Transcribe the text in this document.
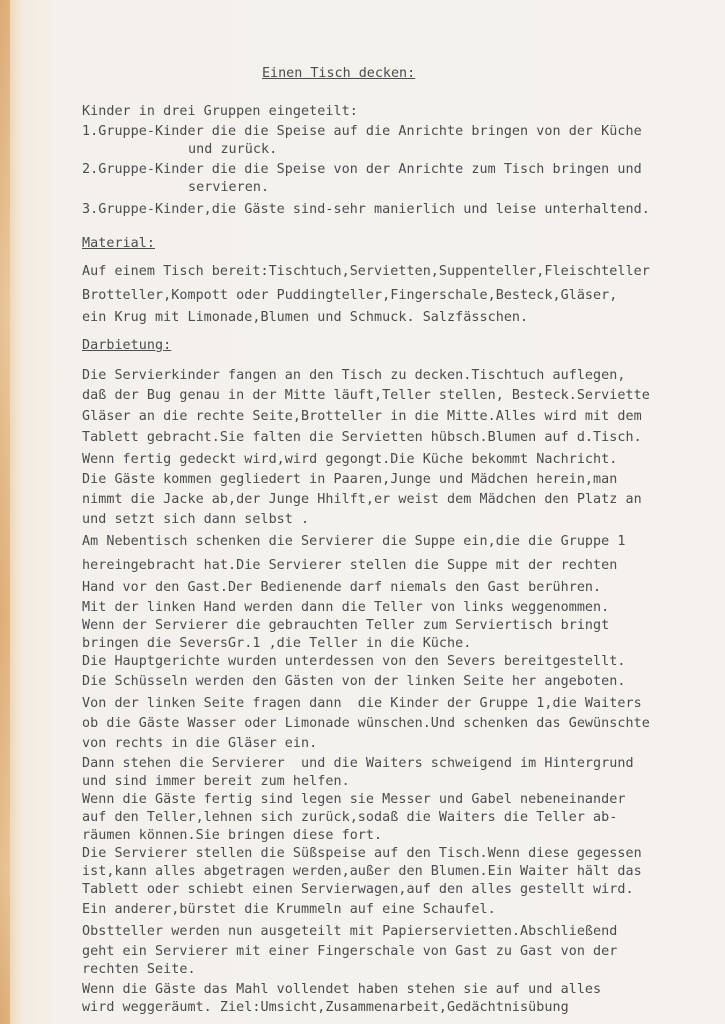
Einen Tisch decken:

Kinder in drei Gruppen eingeteilt:

1.Gruppe-Kinder die die Speise auf die Anrichte bringen von der Küche

und zurück.

2.Gruppe-Kinder die die Speise von der Anrichte zum Tisch bringen und

servieren.

3.Gruppe-Kinder,die Gäste sind-sehr manierlich und leise unterhaltend.

Material:

Auf einem Tisch bereit:Tischtuch,Servietten,Suppenteller,Fleischteller

Brotteller,Kompott oder Puddingteller,Fingerschale,Besteck,Gläser,

ein Krug mit Limonade,Blumen und Schmuck. Salzfässchen.

Darbietung:

Die Servierkinder fangen an den Tisch zu decken.Tischtuch auflegen,

daß der Bug genau in der Mitte läuft,Teller stellen, Besteck.Serviette

Gläser an die rechte Seite,Brotteller in die Mitte.Alles wird mit dem

Tablett gebracht.Sie falten die Servietten hübsch.Blumen auf d.Tisch.

Wenn fertig gedeckt wird,wird gegongt.Die Küche bekommt Nachricht.

Die Gäste kommen gegliedert in Paaren,Junge und Mädchen herein,man

nimmt die Jacke ab,der Junge Hhilft,er weist dem Mädchen den Platz an

und setzt sich dann selbst .

Am Nebentisch schenken die Servierer die Suppe ein,die die Gruppe 1

hereingebracht hat.Die Servierer stellen die Suppe mit der rechten

Hand vor den Gast.Der Bedienende darf niemals den Gast berühren.

Mit der linken Hand werden dann die Teller von links weggenommen.

Wenn der Servierer die gebrauchten Teller zum Serviertisch bringt

bringen die SeversGr.1 ,die Teller in die Küche.

Die Hauptgerichte wurden unterdessen von den Severs bereitgestellt.

Die Schüsseln werden den Gästen von der linken Seite her angeboten.

Von der linken Seite fragen dann  die Kinder der Gruppe 1,die Waiters

ob die Gäste Wasser oder Limonade wünschen.Und schenken das Gewünschte

von rechts in die Gläser ein.

Dann stehen die Servierer  und die Waiters schweigend im Hintergrund

und sind immer bereit zum helfen.

Wenn die Gäste fertig sind legen sie Messer und Gabel nebeneinander

auf den Teller,lehnen sich zurück,sodaß die Waiters die Teller ab-

räumen können.Sie bringen diese fort.

Die Servierer stellen die Süßspeise auf den Tisch.Wenn diese gegessen

ist,kann alles abgetragen werden,außer den Blumen.Ein Waiter hält das

Tablett oder schiebt einen Servierwagen,auf den alles gestellt wird.

Ein anderer,bürstet die Krummeln auf eine Schaufel.

Obstteller werden nun ausgeteilt mit Papierservietten.Abschließend

geht ein Servierer mit einer Fingerschale von Gast zu Gast von der

rechten Seite.

Wenn die Gäste das Mahl vollendet haben stehen sie auf und alles

wird weggeräumt. Ziel:Umsicht,Zusammenarbeit,Gedächtnisübung
